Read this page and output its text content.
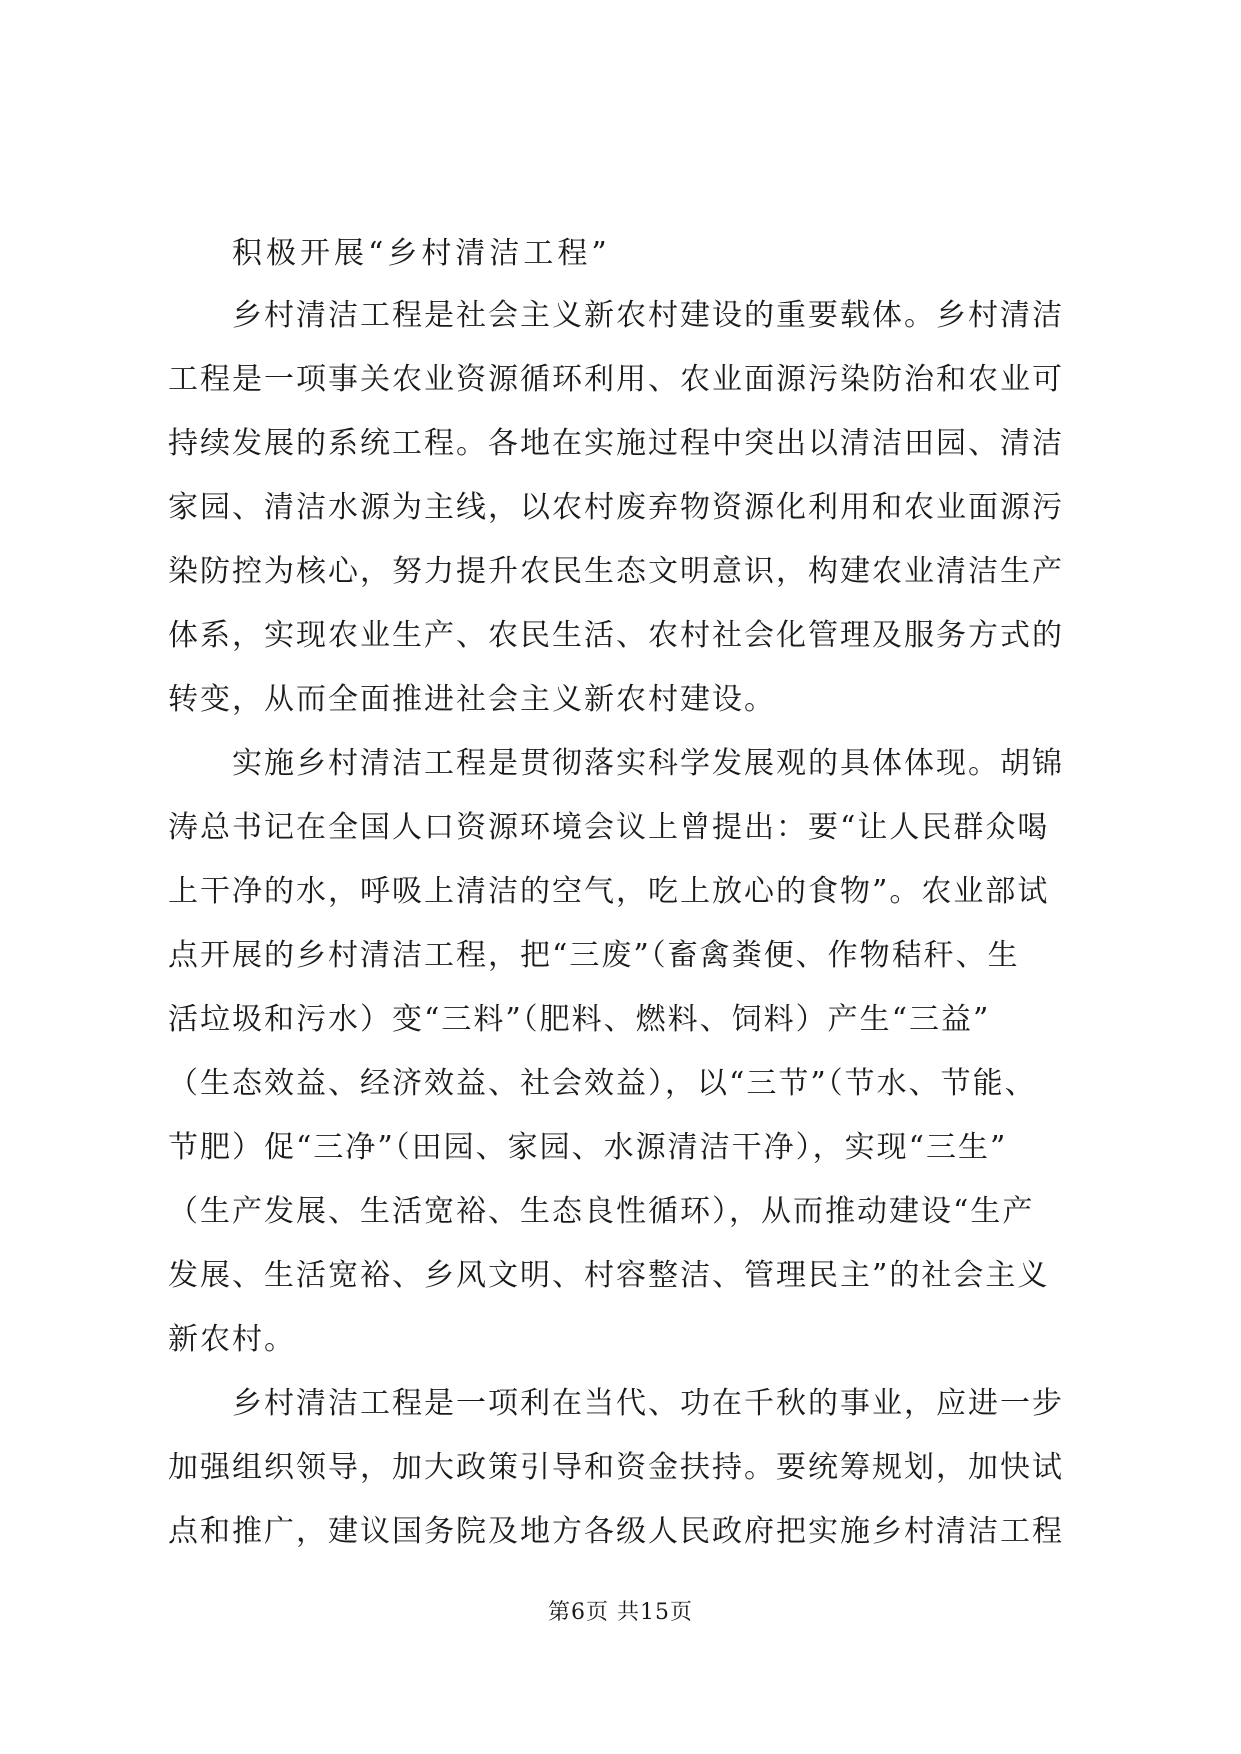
积极开展“乡村清洁工程”
乡村清洁工程是社会主义新农村建设的重要载体。乡村清洁
工程是一项事关农业资源循环利用、农业面源污染防治和农业可
持续发展的系统工程。各地在实施过程中突出以清洁田园、清洁
家园、清洁水源为主线，以农村废弃物资源化利用和农业面源污
染防控为核心，努力提升农民生态文明意识，构建农业清洁生产
体系，实现农业生产、农民生活、农村社会化管理及服务方式的
转变，从而全面推进社会主义新农村建设。
实施乡村清洁工程是贯彻落实科学发展观的具体体现。胡锦
涛总书记在全国人口资源环境会议上曾提出：要“让人民群众喝
上干净的水，呼吸上清洁的空气，吃上放心的食物”。农业部试
点开展的乡村清洁工程，把“三废”（畜禽粪便、作物秸秆、生
活垃圾和污水）变“三料”（肥料、燃料、饲料）产生“三益”
（生态效益、经济效益、社会效益），以“三节”（节水、节能、
节肥）促“三净”（田园、家园、水源清洁干净），实现“三生”
（生产发展、生活宽裕、生态良性循环），从而推动建设“生产
发展、生活宽裕、乡风文明、村容整洁、管理民主”的社会主义
新农村。
乡村清洁工程是一项利在当代、功在千秋的事业，应进一步
加强组织领导，加大政策引导和资金扶持。要统筹规划，加快试
点和推广，建议国务院及地方各级人民政府把实施乡村清洁工程
第6页 共15页
